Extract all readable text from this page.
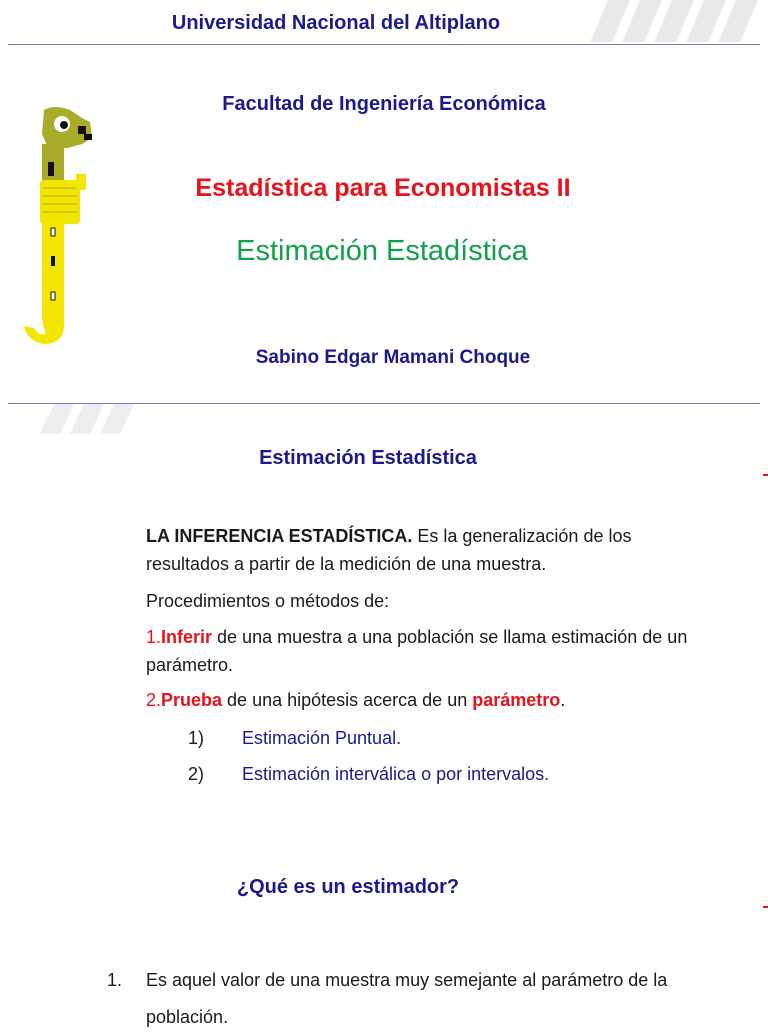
Universidad Nacional del Altiplano
Facultad de Ingeniería Económica
Estadística para Economistas II
Estimación Estadística
Sabino Edgar Mamani Choque
Estimación Estadística
LA INFERENCIA ESTADÍSTICA. Es la generalización de los resultados a partir de la medición de una muestra.
Procedimientos o métodos de:
1.Inferir de una muestra a una población se llama estimación de un parámetro.
2.Prueba de una hipótesis acerca de un parámetro.
1) Estimación Puntual.
2) Estimación interválica o por intervalos.
¿Qué es un estimador?
1. Es aquel valor de una muestra muy semejante al parámetro de la población.
